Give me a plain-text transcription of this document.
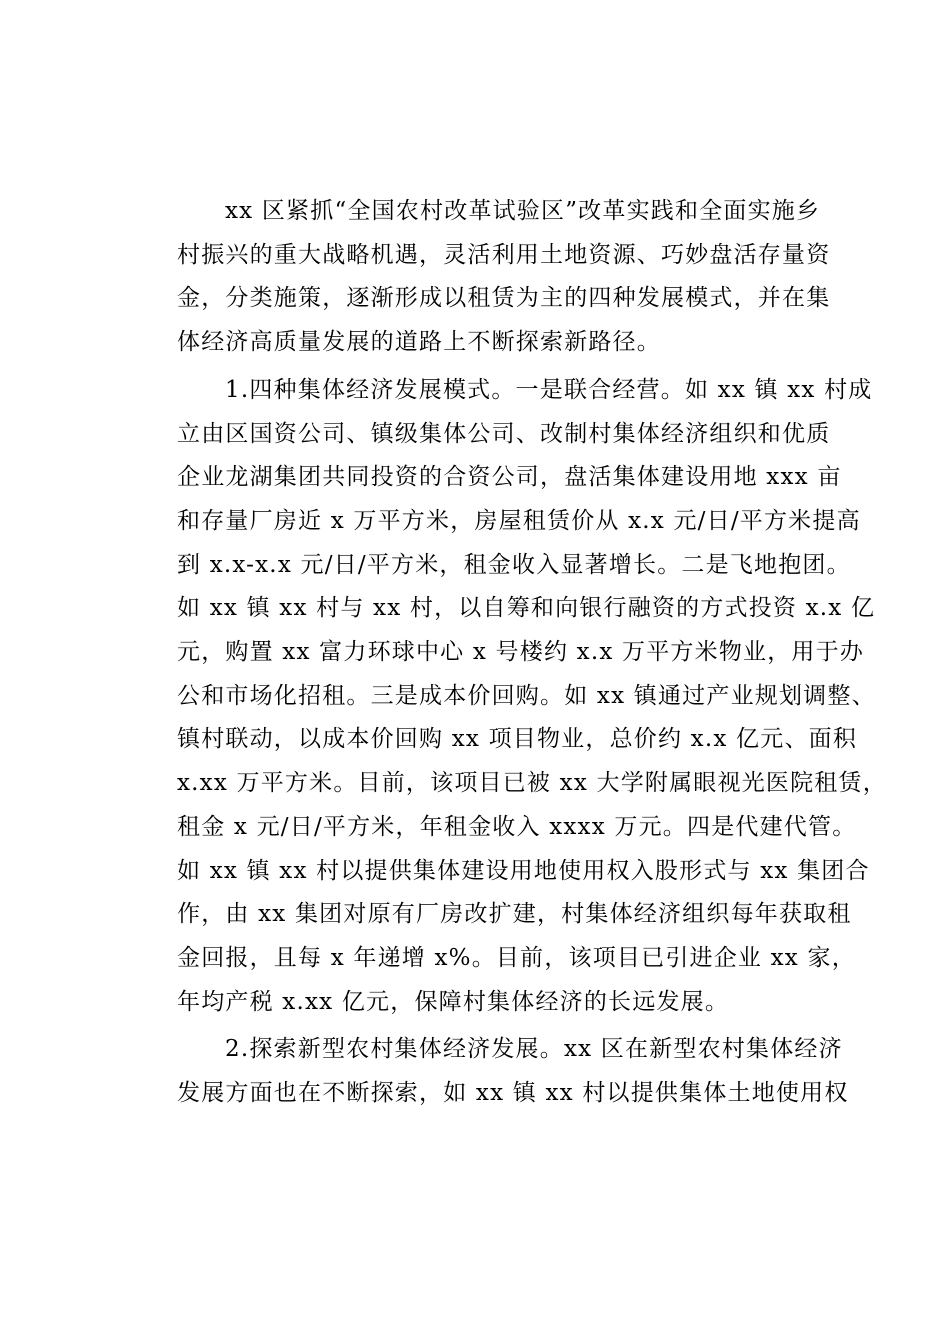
xx 区紧抓“全国农村改革试验区”改革实践和全面实施乡
村振兴的重大战略机遇，灵活利用土地资源、巧妙盘活存量资
金，分类施策，逐渐形成以租赁为主的四种发展模式，并在集
体经济高质量发展的道路上不断探索新路径。
1.四种集体经济发展模式。一是联合经营。如 xx 镇 xx 村成
立由区国资公司、镇级集体公司、改制村集体经济组织和优质
企业龙湖集团共同投资的合资公司，盘活集体建设用地 xxx 亩
和存量厂房近 x 万平方米，房屋租赁价从 x.x 元/日/平方米提高
到 x.x-x.x 元/日/平方米，租金收入显著增长。二是飞地抱团。
如 xx 镇 xx 村与 xx 村，以自筹和向银行融资的方式投资 x.x 亿
元，购置 xx 富力环球中心 x 号楼约 x.x 万平方米物业，用于办
公和市场化招租。三是成本价回购。如 xx 镇通过产业规划调整、
镇村联动，以成本价回购 xx 项目物业，总价约 x.x 亿元、面积
x.xx 万平方米。目前，该项目已被 xx 大学附属眼视光医院租赁，
租金 x 元/日/平方米，年租金收入 xxxx 万元。四是代建代管。
如 xx 镇 xx 村以提供集体建设用地使用权入股形式与 xx 集团合
作，由 xx 集团对原有厂房改扩建，村集体经济组织每年获取租
金回报，且每 x 年递增 x%。目前，该项目已引进企业 xx 家，
年均产税 x.xx 亿元，保障村集体经济的长远发展。
2.探索新型农村集体经济发展。xx 区在新型农村集体经济
发展方面也在不断探索，如 xx 镇 xx 村以提供集体土地使用权
